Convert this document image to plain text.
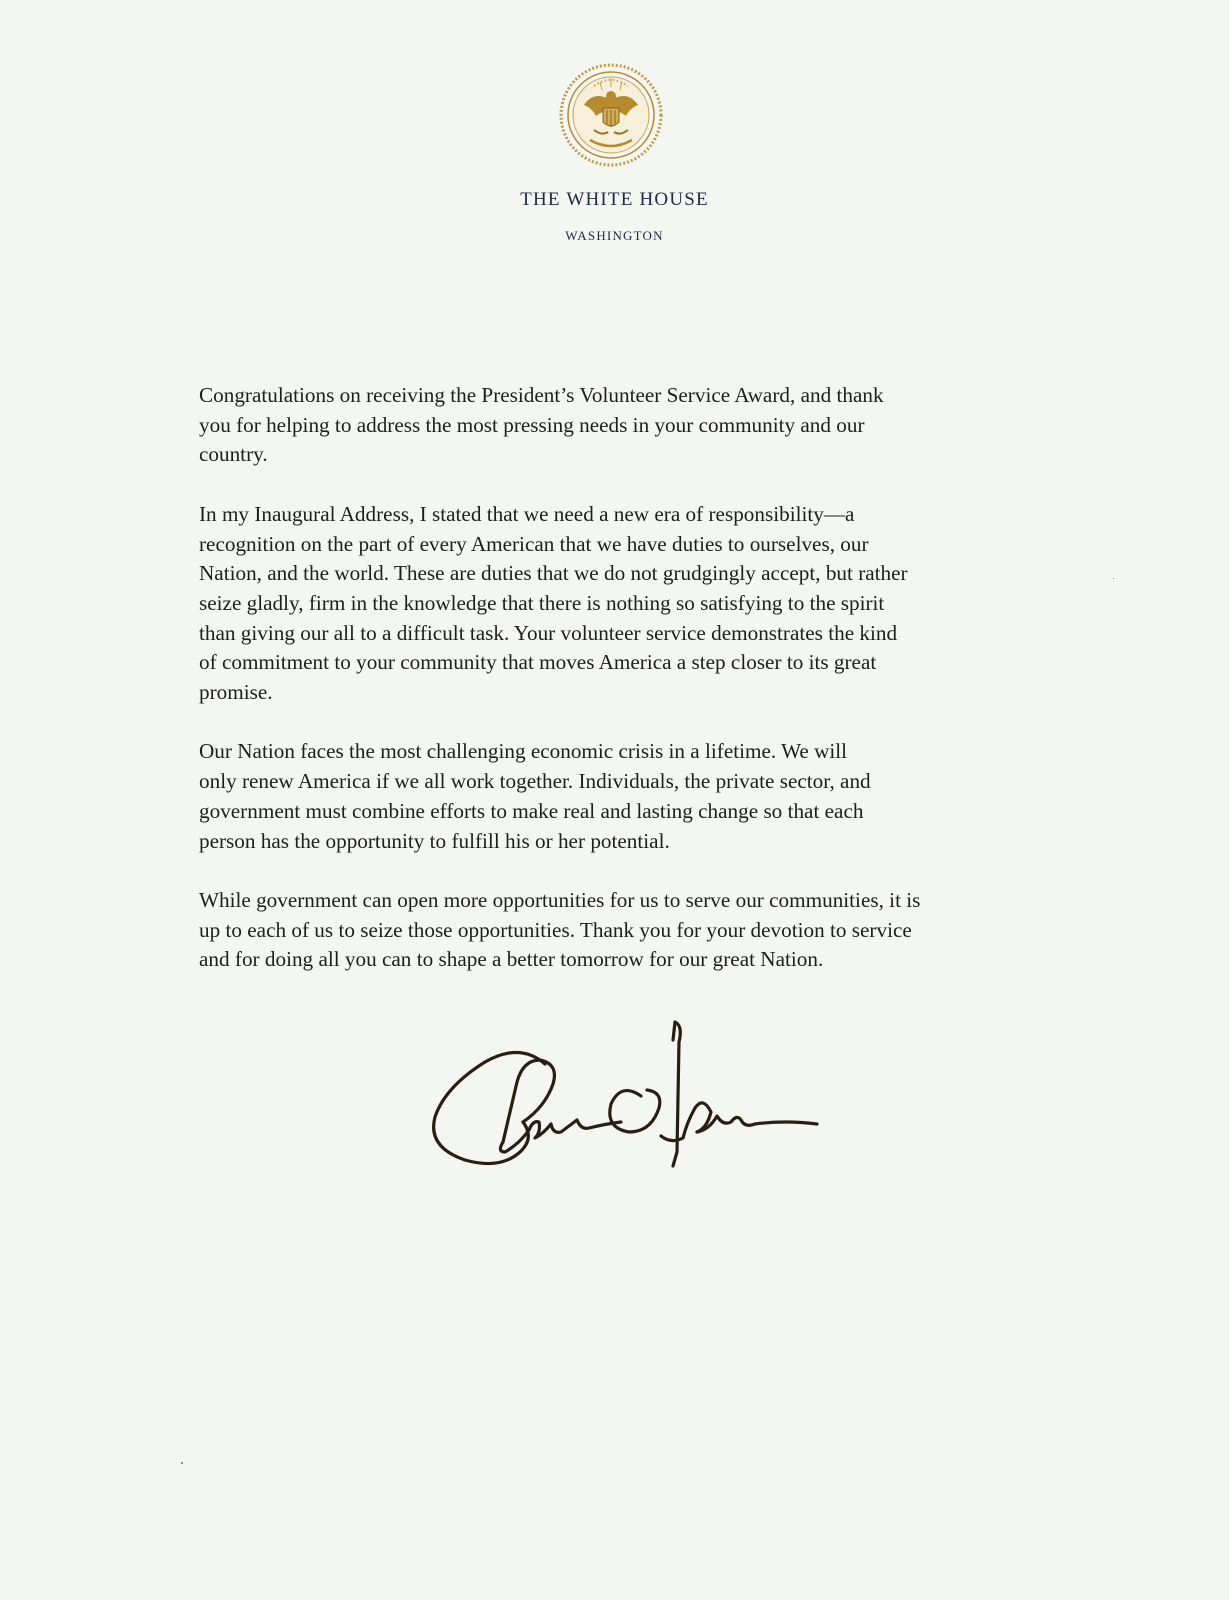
THE WHITE HOUSE
WASHINGTON

Congratulations on receiving the President’s Volunteer Service Award, and thank
you for helping to address the most pressing needs in your community and our
country.

In my Inaugural Address, I stated that we need a new era of responsibility—a
recognition on the part of every American that we have duties to ourselves, our
Nation, and the world. These are duties that we do not grudgingly accept, but rather
seize gladly, firm in the knowledge that there is nothing so satisfying to the spirit
than giving our all to a difficult task. Your volunteer service demonstrates the kind
of commitment to your community that moves America a step closer to its great
promise.

Our Nation faces the most challenging economic crisis in a lifetime. We will
only renew America if we all work together. Individuals, the private sector, and
government must combine efforts to make real and lasting change so that each
person has the opportunity to fulfill his or her potential.

While government can open more opportunities for us to serve our communities, it is
up to each of us to seize those opportunities. Thank you for your devotion to service
and for doing all you can to shape a better tomorrow for our great Nation.
